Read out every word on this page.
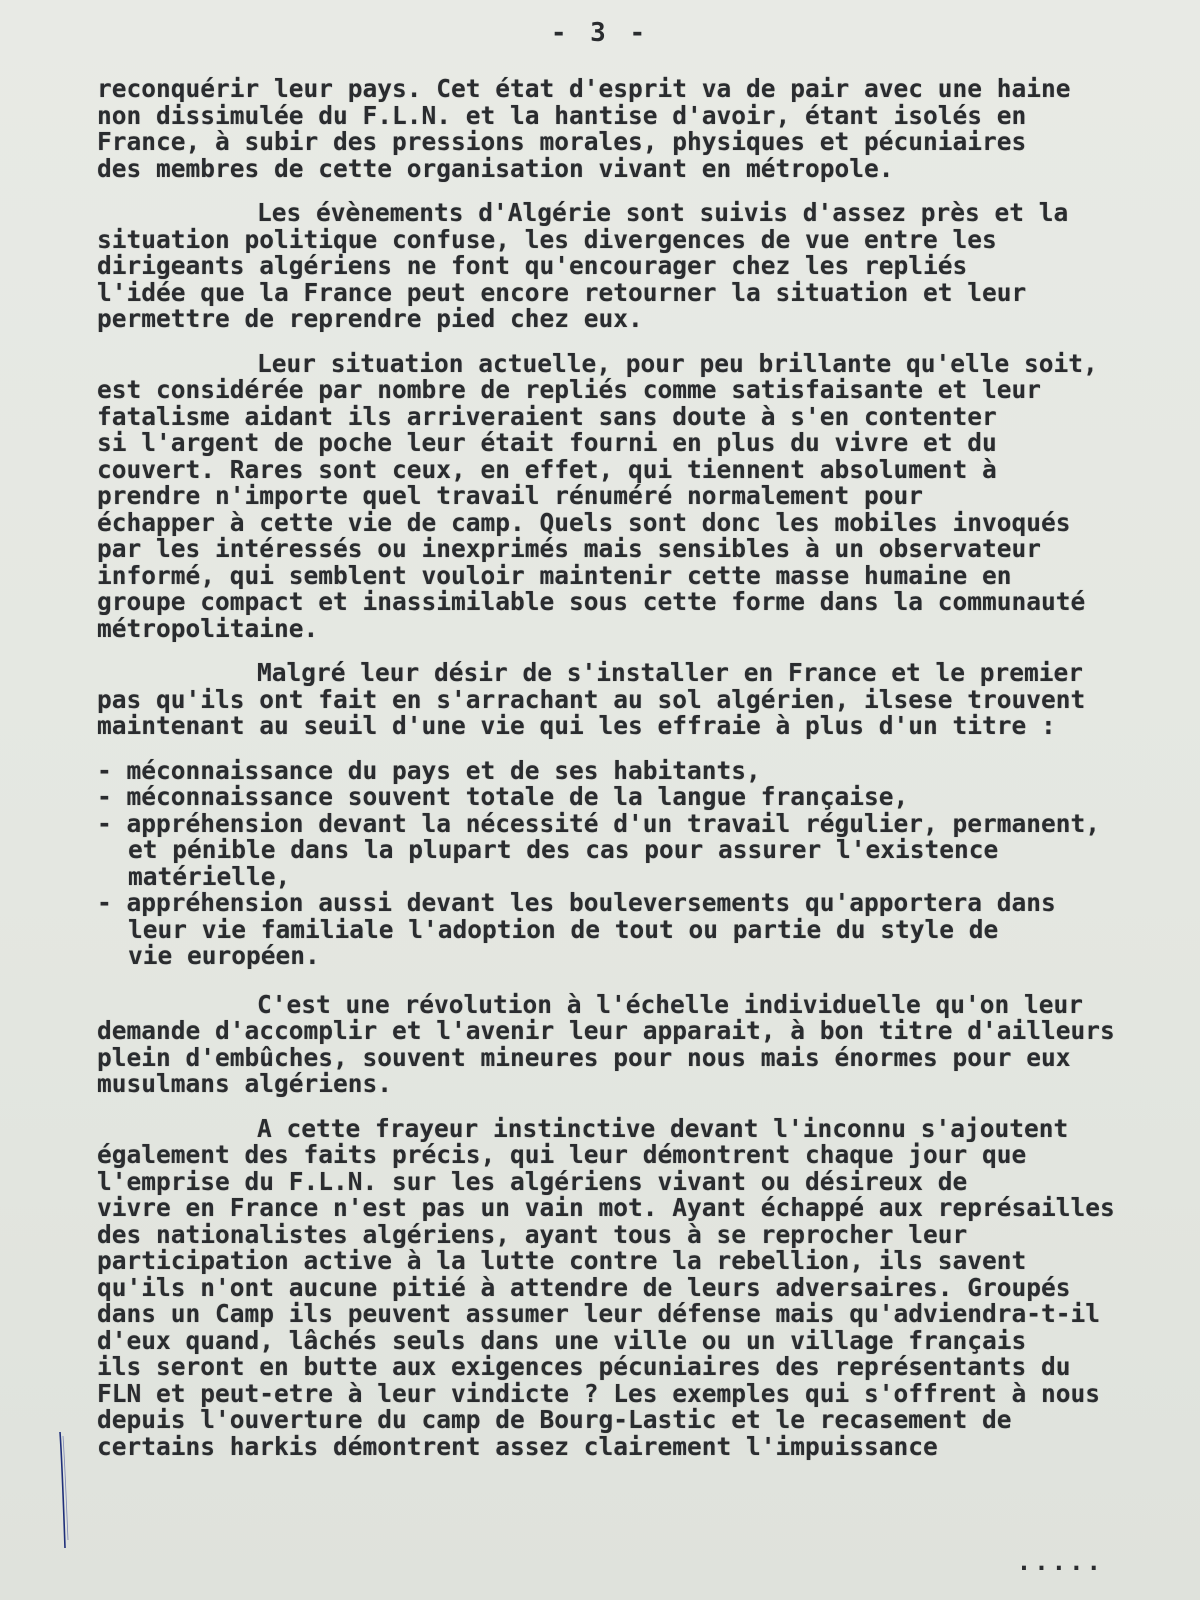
- 3 -
reconquérir leur pays. Cet état d'esprit va de pair avec une haine
non dissimulée du F.L.N. et la hantise d'avoir, étant isolés en
France, à subir des pressions morales, physiques et pécuniaires
des membres de cette organisation vivant en métropole.
Les évènements d'Algérie sont suivis d'assez près et la
situation politique confuse, les divergences de vue entre les
dirigeants algériens ne font qu'encourager chez les repliés
l'idée que la France peut encore retourner la situation et leur
permettre de reprendre pied chez eux.
Leur situation actuelle, pour peu brillante qu'elle soit,
est considérée par nombre de repliés comme satisfaisante et leur
fatalisme aidant ils arriveraient sans doute à s'en contenter
si l'argent de poche leur était fourni en plus du vivre et du
couvert. Rares sont ceux, en effet, qui tiennent absolument à
prendre n'importe quel travail rénuméré normalement pour
échapper à cette vie de camp. Quels sont donc les mobiles invoqués
par les intéressés ou inexprimés mais sensibles à un observateur
informé, qui semblent vouloir maintenir cette masse humaine en
groupe compact et inassimilable sous cette forme dans la communauté
métropolitaine.
Malgré leur désir de s'installer en France et le premier
pas qu'ils ont fait en s'arrachant au sol algérien, ilsese trouvent
maintenant au seuil d'une vie qui les effraie à plus d'un titre :
- méconnaissance du pays et de ses habitants,
- méconnaissance souvent totale de la langue française,
- appréhension devant la nécessité d'un travail régulier, permanent,
et pénible dans la plupart des cas pour assurer l'existence
matérielle,
- appréhension aussi devant les bouleversements qu'apportera dans
leur vie familiale l'adoption de tout ou partie du style de
vie européen.
C'est une révolution à l'échelle individuelle qu'on leur
demande d'accomplir et l'avenir leur apparait, à bon titre d'ailleurs
plein d'embûches, souvent mineures pour nous mais énormes pour eux
musulmans algériens.
A cette frayeur instinctive devant l'inconnu s'ajoutent
également des faits précis, qui leur démontrent chaque jour que
l'emprise du F.L.N. sur les algériens vivant ou désireux de
vivre en France n'est pas un vain mot. Ayant échappé aux représailles
des nationalistes algériens, ayant tous à se reprocher leur
participation active à la lutte contre la rebellion, ils savent
qu'ils n'ont aucune pitié à attendre de leurs adversaires. Groupés
dans un Camp ils peuvent assumer leur défense mais qu'adviendra-t-il
d'eux quand, lâchés seuls dans une ville ou un village français
ils seront en butte aux exigences pécuniaires des représentants du
FLN et peut-etre à leur vindicte ? Les exemples qui s'offrent à nous
depuis l'ouverture du camp de Bourg-Lastic et le recasement de
certains harkis démontrent assez clairement l'impuissance
.....
